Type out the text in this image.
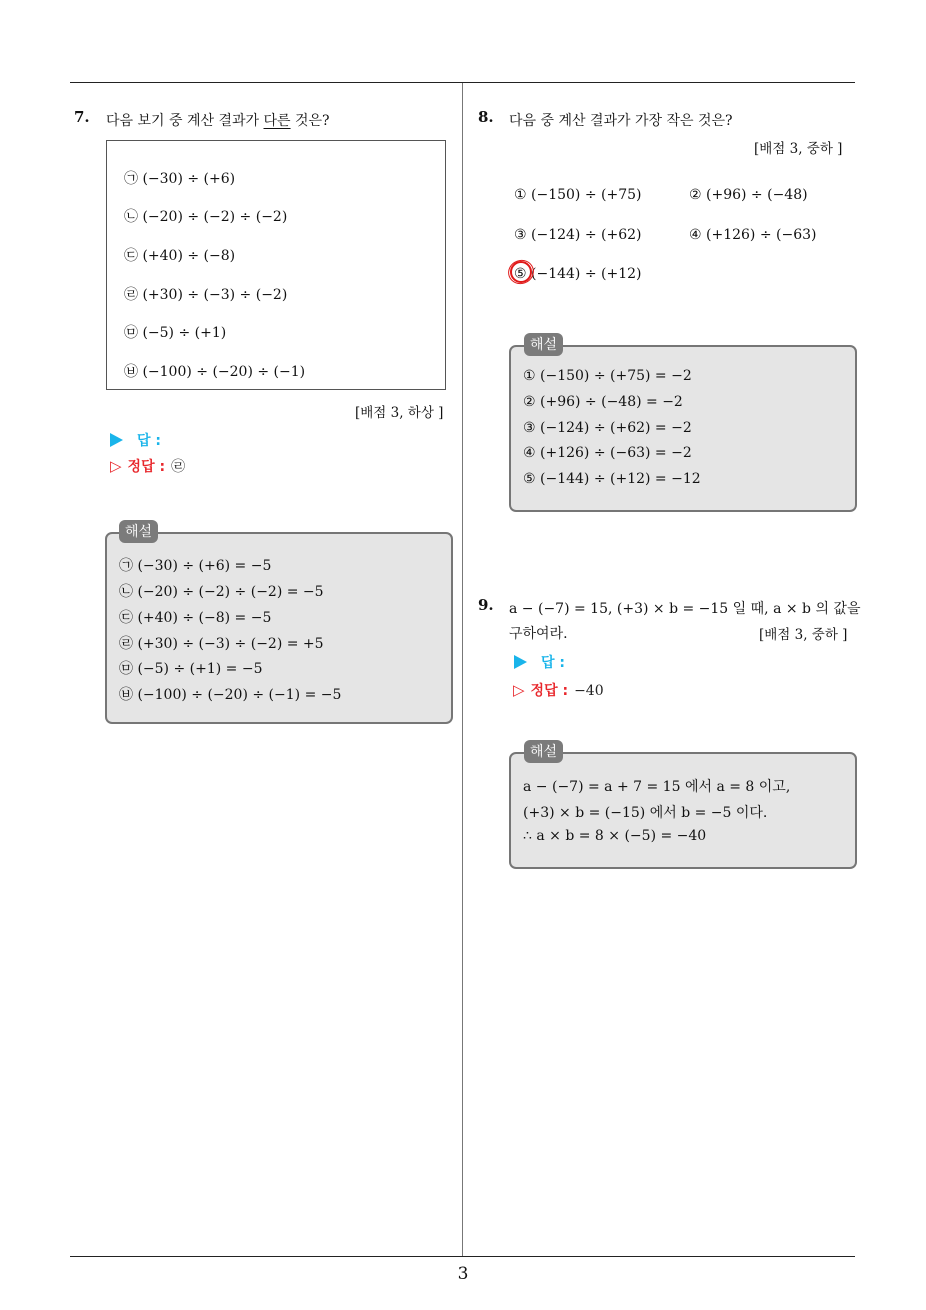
3
7. 다음 보기 중 계산 결과가 다른 것은?
㉠ (−30) ÷ (+6)
㉡ (−20) ÷ (−2) ÷ (−2)
㉢ (+40) ÷ (−8)
㉣ (+30) ÷ (−3) ÷ (−2)
㉤ (−5) ÷ (+1)
㉥ (−100) ÷ (−20) ÷ (−1)
[배점 3, 하상 ]
답 :
▷ 정답 : ㉣
㉠ (−30) ÷ (+6) = −5
㉡ (−20) ÷ (−2) ÷ (−2) = −5
㉢ (+40) ÷ (−8) = −5
㉣ (+30) ÷ (−3) ÷ (−2) = +5
㉤ (−5) ÷ (+1) = −5
㉥ (−100) ÷ (−20) ÷ (−1) = −5
해설
8. 다음 중 계산 결과가 가장 작은 것은?
[배점 3, 중하 ]
① (−150) ÷ (+75)	② (+96) ÷ (−48)
③ (−124) ÷ (+62)	④ (+126) ÷ (−63)
⑤ (−144) ÷ (+12)
① (−150) ÷ (+75) = −2
② (+96) ÷ (−48) = −2
③ (−124) ÷ (+62) = −2
④ (+126) ÷ (−63) = −2
⑤ (−144) ÷ (+12) = −12
해설
9. a − (−7) = 15, (+3) × b = −15 일 때, a × b 의 값을
구하여라.	[배점 3, 중하 ]
답 :
▷ 정답 : −40
a − (−7) = a + 7 = 15 에서 a = 8 이고,
(+3) × b = (−15) 에서 b = −5 이다.
∴ a × b = 8 × (−5) = −40
해설
